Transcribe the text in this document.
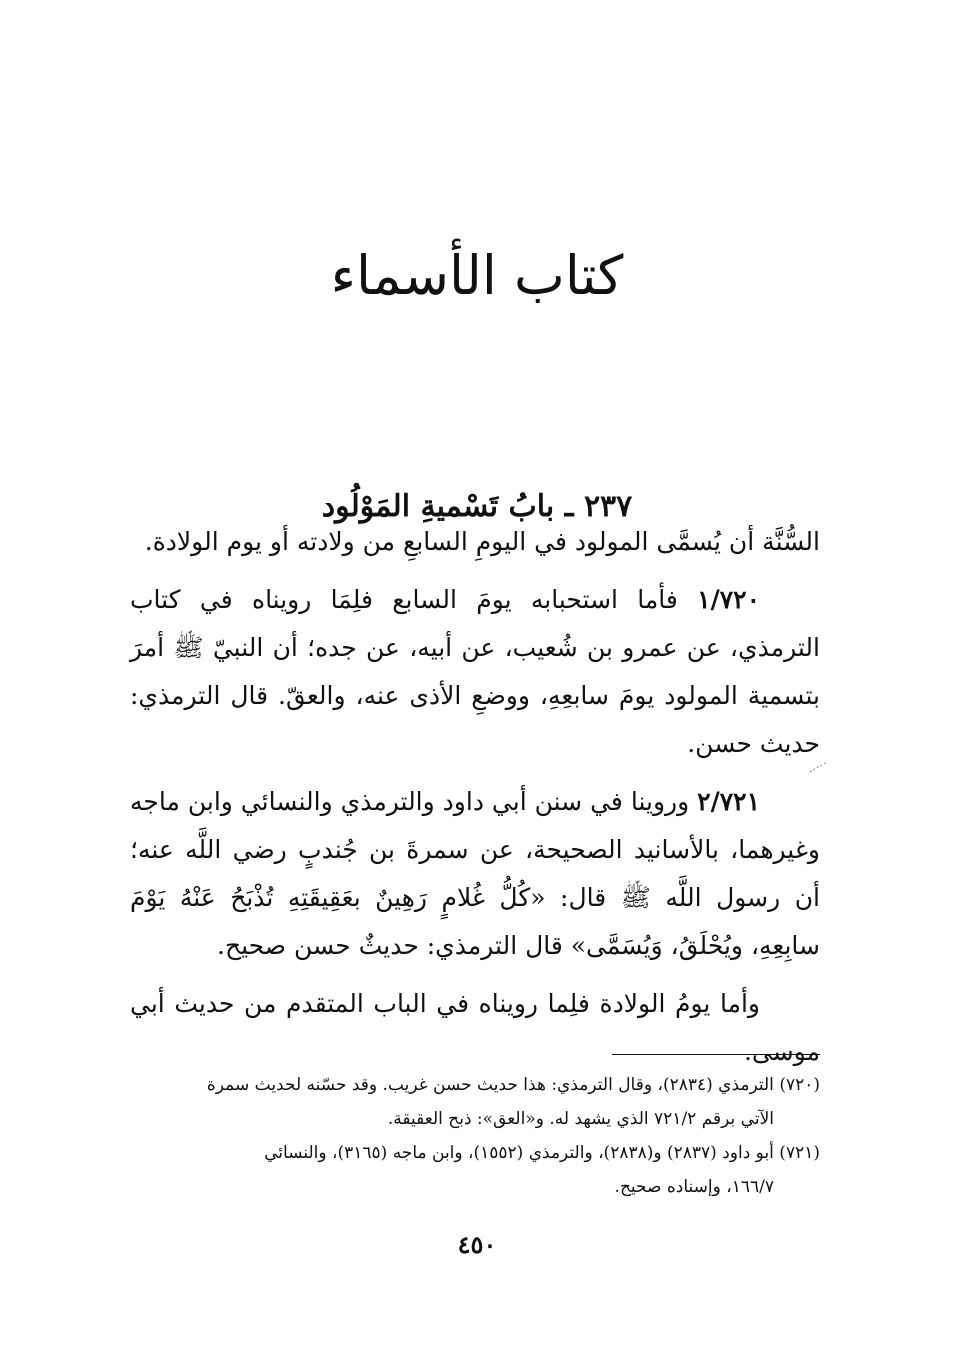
كتاب الأسماء
٢٣٧ ـ بابُ تَسْميةِ المَوْلُود

السُّنَّة أن يُسمَّى المولود في اليومِ السابعِ من ولادته أو يوم الولادة.

١/٧٢٠ فأما استحبابه يومَ السابع فلِمَا رويناه في كتاب الترمذي، عن عمرو بن شُعيب، عن أبيه، عن جده؛ أن النبيّ ﷺ أمرَ بتسمية المولود يومَ سابعِهِ، ووضعِ الأذى عنه، والعقّ. قال الترمذي: حديث حسن.

٢/٧٢١ وروينا في سنن أبي داود والترمذي والنسائي وابن ماجه وغيرهما، بالأسانيد الصحيحة، عن سمرةَ بن جُندبٍ رضي اللَّه عنه؛ أن رسول اللَّه ﷺ قال: «كُلُّ غُلامٍ رَهِينٌ بعَقِيقَتِهِ تُذْبَحُ عَنْهُ يَوْمَ سابِعِهِ، ويُحْلَقُ، وَيُسَمَّى» قال الترمذي: حديثٌ حسن صحيح.

وأما يومُ الولادة فلِما رويناه في الباب المتقدم من حديث أبي موسى.

(٧٢٠) الترمذي (٢٨٣٤)، وقال الترمذي: هذا حديث حسن غريب. وقد حسّنه لحديث سمرة

الآتي برقم ٧٢١/٢ الذي يشهد له. و«العق»: ذبح العقيقة.

(٧٢١) أبو داود (٢٨٣٧) و(٢٨٣٨)، والترمذي (١٥٥٢)، وابن ماجه (٣١٦٥)، والنسائي

١٦٦/٧، وإسناده صحيح.

٤٥٠
